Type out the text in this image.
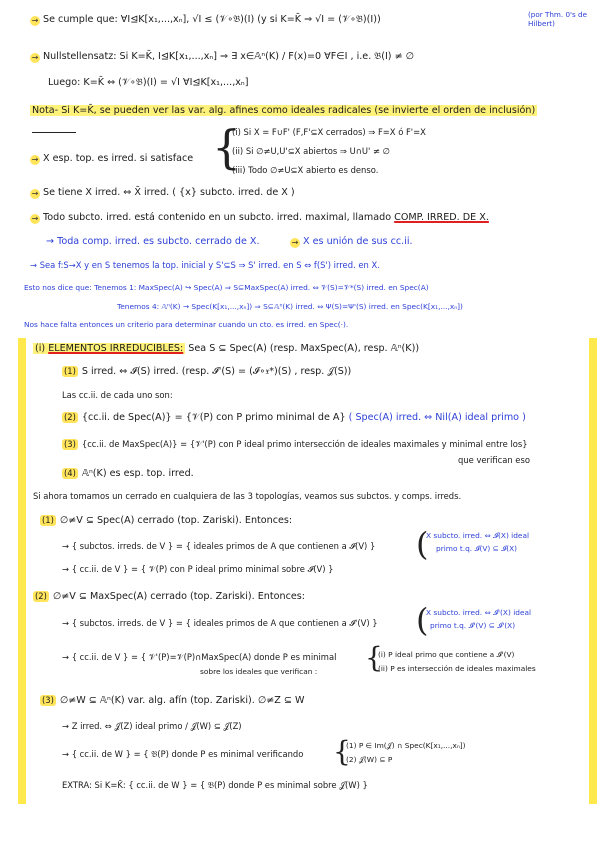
→ Se cumple que: ∀I⊴K[x₁,...,xₙ], √I ≤ (𝒱∘𝔅)(I) (y si K=K̄ ⇒ √I = (𝒱∘𝔅)(I))	(por Thm. 0's de Hilbert)
→ Nullstellensatz: Si K=K̄, I⊴K[x₁,...,xₙ] ⇒ ∃ x∈𝔸ⁿ(K) / F(x)=0 ∀F∈I , i.e. 𝔅(I) ≠ ∅
Luego: K=K̄ ⇔ (𝒱∘𝔅)(I) = √I ∀I⊴K[x₁,...,xₙ]
Nota- Si K=K̄, se pueden ver las var. alg. afines como ideales radicales (se invierte el orden de inclusión)
→ X esp. top. es irred. si satisface {
(i) Si X = F∪F' (F,F'⊆X cerrados) ⇒ F=X ó F'=X
(ii) Si ∅≠U,U'⊆X abiertos ⇒ U∩U' ≠ ∅
(iii) Todo ∅≠U⊆X abierto es denso.
→ Se tiene X irred. ⇔ X̄ irred. ( {x} subcto. irred. de X )
→ Todo subcto. irred. está contenido en un subcto. irred. maximal, llamado COMP. IRRED. DE X.
→ Toda comp. irred. es subcto. cerrado de X.	→ X es unión de sus cc.ii.
→ Sea f:S→X y en S tenemos la top. inicial y S'⊆S ⇒ S' irred. en S ⇔ f(S') irred. en X.
Esto nos dice que: Tenemos 1: MaxSpec(A) ↪ Spec(A) ⇒ S⊆MaxSpec(A) irred. ⇔ 𝒱(S)=𝒱*(S) irred. en Spec(A)
Tenemos 4: 𝔸ⁿ(K) → Spec(K[x₁,...,xₙ]) ⇒ S⊆𝔸ⁿ(K) irred. ⇔ Ψ(S)=Ψ'(S) irred. en Spec(K[x₁,...,xₙ])
Nos hace falta entonces un criterio para determinar cuando un cto. es irred. en Spec(·).
(i) ELEMENTOS IRREDUCIBLES: Sea S ⊆ Spec(A) (resp. MaxSpec(A), resp. 𝔸ⁿ(K))
(1) S irred. ⇔ 𝓘(S) irred. (resp. 𝓘'(S) = (𝓘∘𝔵*)(S) , resp. 𝒥(S))
Las cc.ii. de cada uno son:
(2) {cc.ii. de Spec(A)} = {𝒱(P) con P primo minimal de A} ( Spec(A) irred. ⇔ Nil(A) ideal primo )
(3) {cc.ii. de MaxSpec(A)} = {𝒱'(P) con P ideal primo intersección de ideales maximales y minimal entre los}
que verifican eso
(4) 𝔸ⁿ(K) es esp. top. irred.
Si ahora tomamos un cerrado en cualquiera de las 3 topologías, veamos sus subctos. y comps. irreds.
(1) ∅≠V ⊆ Spec(A) cerrado (top. Zariski). Entonces:
→ { subctos. irreds. de V } = { ideales primos de A que contienen a 𝓘(V) } (
X subcto. irred. ⇔ 𝓘(X) ideal
primo t.q. 𝓘(V) ⊆ 𝓘(X)
→ { cc.ii. de V } = { 𝒱(P) con P ideal primo minimal sobre 𝓘(V) }
(2) ∅≠V ⊆ MaxSpec(A) cerrado (top. Zariski). Entonces:
→ { subctos. irreds. de V } = { ideales primos de A que contienen a 𝓘'(V) } (
X subcto. irred. ⇔ 𝓘'(X) ideal
primo t.q. 𝓘'(V) ⊆ 𝓘'(X)
→ { cc.ii. de V } = { 𝒱'(P)=𝒱(P)∩MaxSpec(A) donde P es minimal
sobre los ideales que verifican : {
(i) P ideal primo que contiene a 𝓘'(V)
(ii) P es intersección de ideales maximales
(3) ∅≠W ⊆ 𝔸ⁿ(K) var. alg. afín (top. Zariski). ∅≠Z ⊆ W
→ Z irred. ⇔ 𝒥(Z) ideal primo / 𝒥(W) ⊆ 𝒥(Z)
→ { cc.ii. de W } = { 𝔅(P) donde P es minimal verificando {
(1) P ∈ Im(𝒥) ∩ Spec(K[x₁,...,xₙ])
(2) 𝒥(W) ⊆ P
EXTRA: Si K=K̄: { cc.ii. de W } = { 𝔅(P) donde P es minimal sobre 𝒥(W) }
